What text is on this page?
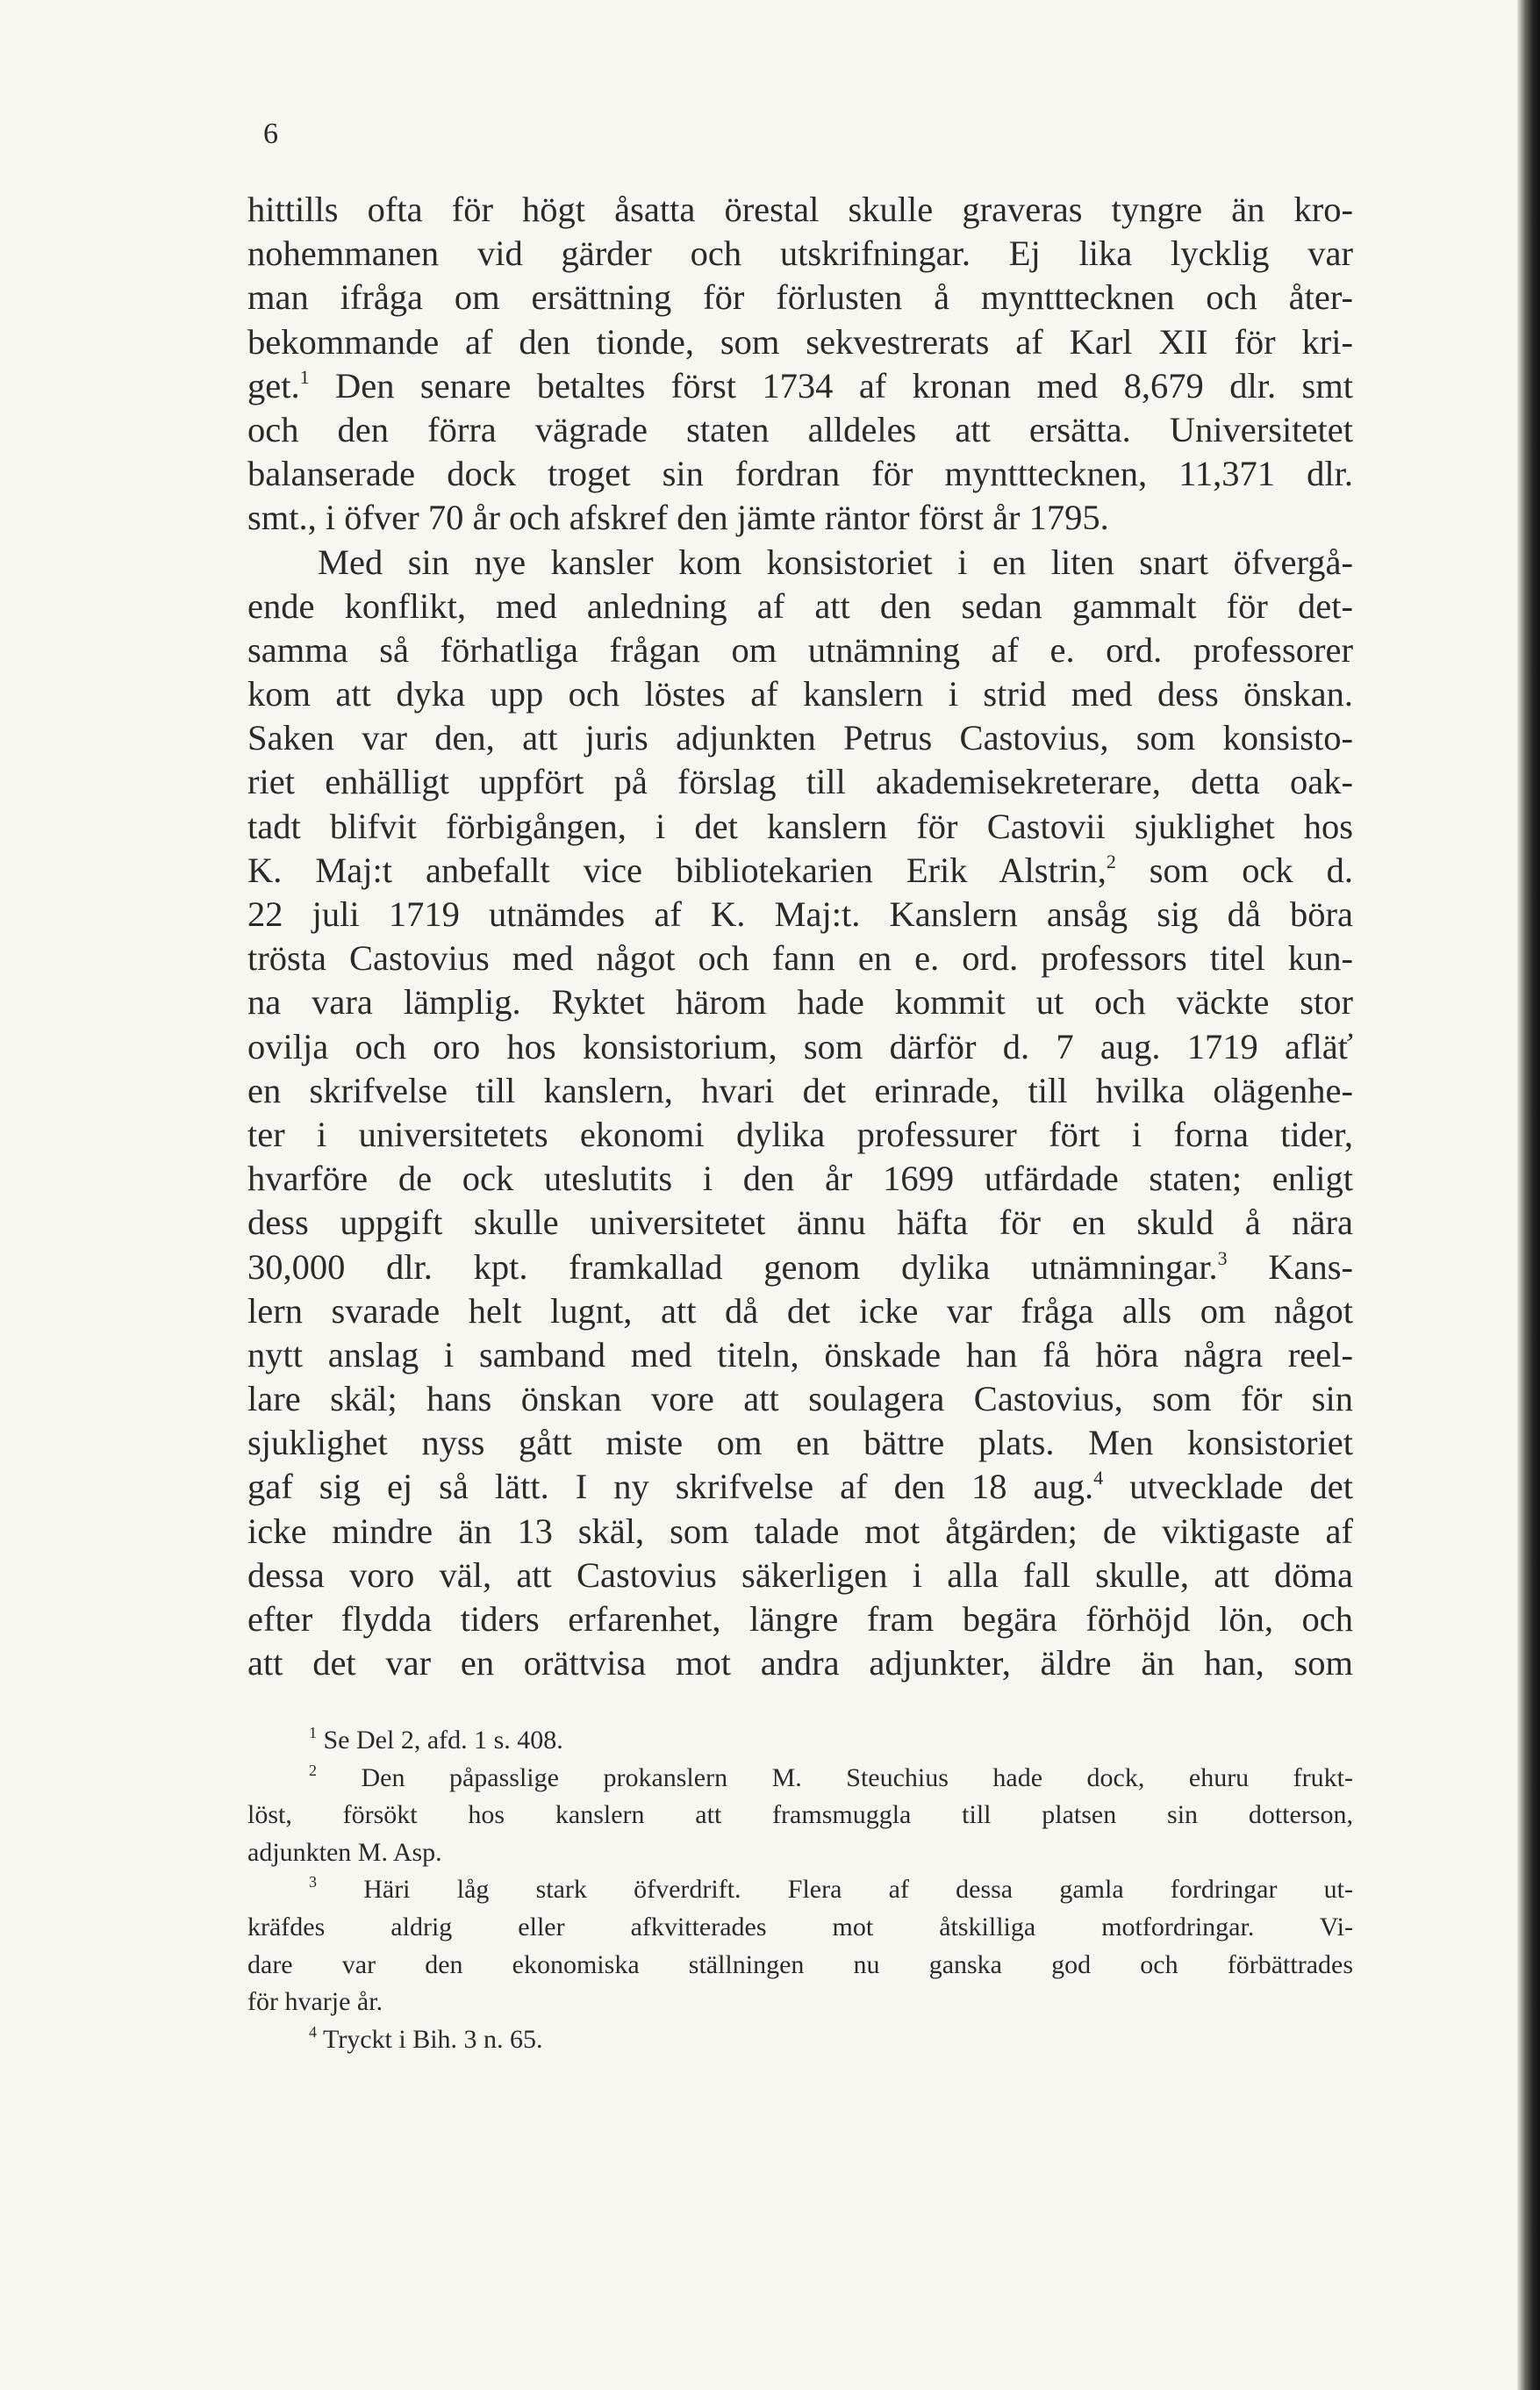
6
hittills ofta för högt åsatta örestal skulle graveras tyngre än kro-
nohemmanen vid gärder och utskrifningar. Ej lika lycklig var
man ifråga om ersättning för förlusten å myntttecknen och åter-
bekommande af den tionde, som sekvestrerats af Karl XII för kri-
get.$^1$ Den senare betaltes först 1734 af kronan med 8,679 dlr. smt
och den förra vägrade staten alldeles att ersätta. Universitetet
balanserade dock troget sin fordran för myntttecknen, 11,371 dlr.
smt., i öfver 70 år och afskref den jämte räntor först år 1795.
Med sin nye kansler kom konsistoriet i en liten snart öfvergå-
ende konflikt, med anledning af att den sedan gammalt för det-
samma så förhatliga frågan om utnämning af e. ord. professorer
kom att dyka upp och löstes af kanslern i strid med dess önskan.
Saken var den, att juris adjunkten Petrus Castovius, som konsisto-
riet enhälligt uppfört på förslag till akademisekreterare, detta oak-
tadt blifvit förbigången, i det kanslern för Castovii sjuklighet hos
K. Maj:t anbefallt vice bibliotekarien Erik Alstrin,$^2$ som ock d.
22 juli 1719 utnämdes af K. Maj:t. Kanslern ansåg sig då böra
trösta Castovius med något och fann en e. ord. professors titel kun-
na vara lämplig. Ryktet härom hade kommit ut och väckte stor
ovilja och oro hos konsistorium, som därför d. 7 aug. 1719 afläť
en skrifvelse till kanslern, hvari det erinrade, till hvilka olägenhe-
ter i universitetets ekonomi dylika professurer fört i forna tider,
hvarföre de ock uteslutits i den år 1699 utfärdade staten; enligt
dess uppgift skulle universitetet ännu häfta för en skuld å nära
30,000 dlr. kpt. framkallad genom dylika utnämningar.$^3$ Kans-
lern svarade helt lugnt, att då det icke var fråga alls om något
nytt anslag i samband med titeln, önskade han få höra några reel-
lare skäl; hans önskan vore att soulagera Castovius, som för sin
sjuklighet nyss gått miste om en bättre plats. Men konsistoriet
gaf sig ej så lätt. I ny skrifvelse af den 18 aug.$^4$ utvecklade det
icke mindre än 13 skäl, som talade mot åtgärden; de viktigaste af
dessa voro väl, att Castovius säkerligen i alla fall skulle, att döma
efter flydda tiders erfarenhet, längre fram begära förhöjd lön, och
att det var en orättvisa mot andra adjunkter, äldre än han, som
$^1$ Se Del 2, afd. 1 s. 408.
$^2$ Den påpasslige prokanslern M. Steuchius hade dock, ehuru frukt-
löst, försökt hos kanslern att framsmuggla till platsen sin dotterson,
adjunkten M. Asp.
$^3$ Häri låg stark öfverdrift. Flera af dessa gamla fordringar ut-
kräfdes aldrig eller afkvitterades mot åtskilliga motfordringar. Vi-
dare var den ekonomiska ställningen nu ganska god och förbättrades
för hvarje år.
$^4$ Tryckt i Bih. 3 n. 65.
